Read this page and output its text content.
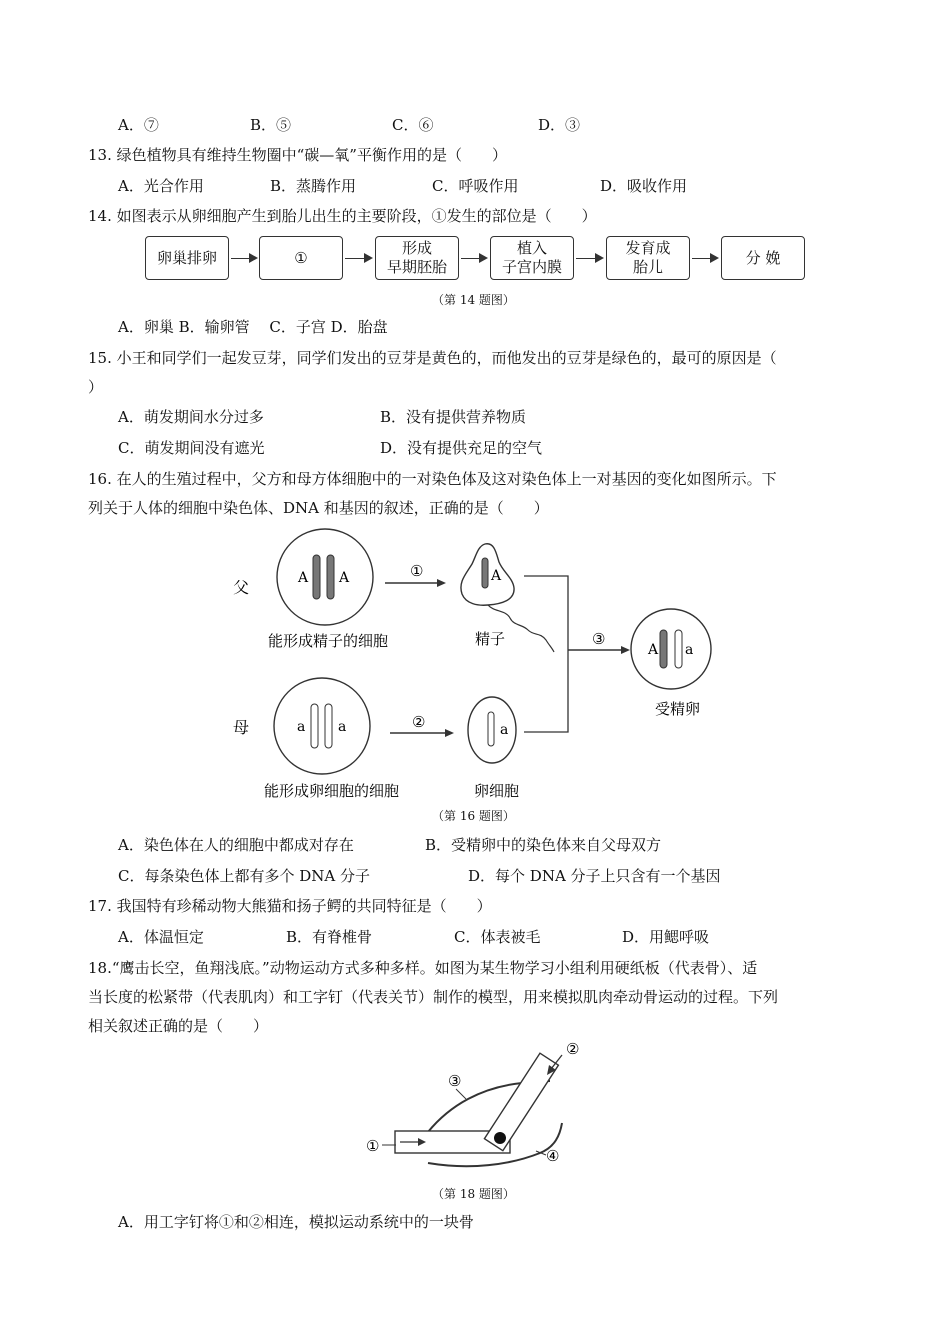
A．⑦	B．⑤	C．⑥	D．③
13. 绿色植物具有维持生物圈中“碳—氧”平衡作用的是（　　）
A．光合作用	B．蒸腾作用	C．呼吸作用	D．吸收作用
14. 如图表示从卵细胞产生到胎儿出生的主要阶段，①发生的部位是（　　）
卵巢排卵	①
形成
早期胚胎
植入
子宫内膜
发育成
胎儿
分 娩
（第 14 题图）
A．卵巢 B．输卵管　 C．子宫 D．胎盘
15. 小王和同学们一起发豆芽，同学们发出的豆芽是黄色的，而他发出的豆芽是绿色的，最可的原因是（
）
A．萌发期间水分过多	B．没有提供营养物质
C．萌发期间没有遮光	D．没有提供充足的空气
16. 在人的生殖过程中，父方和母方体细胞中的一对染色体及这对染色体上一对基因的变化如图所示。下
列关于人体的细胞中染色体、DNA 和基因的叙述，正确的是（　　）
父
母
A A
能形成精子的细胞
①	A
精子
a a
能形成卵细胞的细胞
②	a
卵细胞
③
A a
受精卵
（第 16 题图）
A．染色体在人的细胞中都成对存在	B．受精卵中的染色体来自父母双方
C．每条染色体上都有多个 DNA 分子	D．每个 DNA 分子上只含有一个基因
17. 我国特有珍稀动物大熊猫和扬子鳄的共同特征是（　　）
A．体温恒定	B．有脊椎骨	C．体表被毛	D．用鳃呼吸
18.“鹰击长空，鱼翔浅底。”动物运动方式多种多样。如图为某生物学习小组利用硬纸板（代表骨）、适
当长度的松紧带（代表肌肉）和工字钉（代表关节）制作的模型，用来模拟肌肉牵动骨运动的过程。下列
相关叙述正确的是（　　）
①
②
③
④
（第 18 题图）
A．用工字钉将①和②相连，模拟运动系统中的一块骨
